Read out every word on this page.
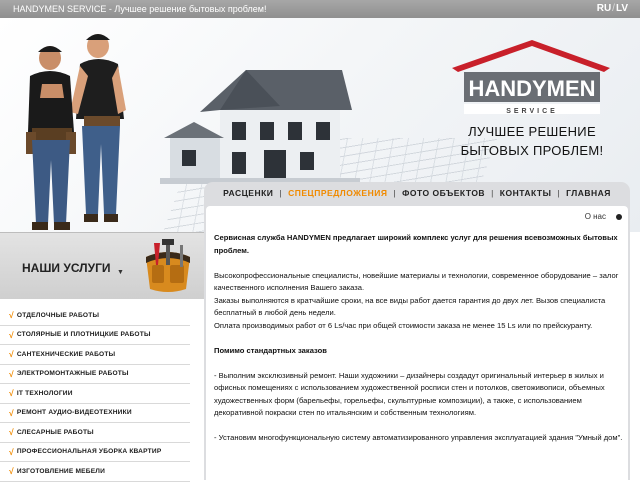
HANDYMEN SERVICE - Лучшее решение бытовых проблем!	RU/LV
HANDYMEN
SERVICE
ЛУЧШЕЕ РЕШЕНИЕ
БЫТОВЫХ ПРОБЛЕМ!
РАСЦЕНКИ | СПЕЦПРЕДЛОЖЕНИЯ | ФОТО ОБЪЕКТОВ | КОНТАКТЫ | ГЛАВНАЯ
НАШИ УСЛУГИ ▼
√ ОТДЕЛОЧНЫЕ РАБОТЫ
√ СТОЛЯРНЫЕ И ПЛОТНИЦКИЕ РАБОТЫ
√ САНТЕХНИЧЕСКИЕ РАБОТЫ
√ ЭЛЕКТРОМОНТАЖНЫЕ РАБОТЫ
√ IT ТЕХНОЛОГИИ
√ РЕМОНТ АУДИО-ВИДЕОТЕХНИКИ
√ СЛЕСАРНЫЕ РАБОТЫ
√ ПРОФЕССИОНАЛЬНАЯ УБОРКА КВАРТИР
√ ИЗГОТОВЛЕНИЕ МЕБЕЛИ
О нас

Сервисная служба HANDYMEN предлагает широкий комплекс услуг для решения всевозможных бытовых проблем.

Высокопрофессиональные специалисты, новейшие материалы и технологии, современное оборудование – залог качественного исполнения Вашего заказа.

Заказы выполняются в кратчайшие сроки, на все виды работ дается гарантия до двух лет. Вызов специалиста бесплатный в любой день недели.

Оплата производимых работ от 6 Ls/час при общей стоимости заказа не менее 15 Ls или по прейскуранту.

Помимо стандартных заказов

- Выполним эксклюзивный ремонт. Наши художники – дизайнеры создадут оригинальный интерьер в жилых и офисных помещениях с использованием художественной росписи стен и потолков, светоживописи, объемных художественных форм (барельефы, горельефы, скульптурные композиции), а также, с использованием декоративной покраски стен по итальянским и собственным технологиям.

- Установим многофункциональную систему автоматизированного управления эксплуатацией здания "Умный дом".
